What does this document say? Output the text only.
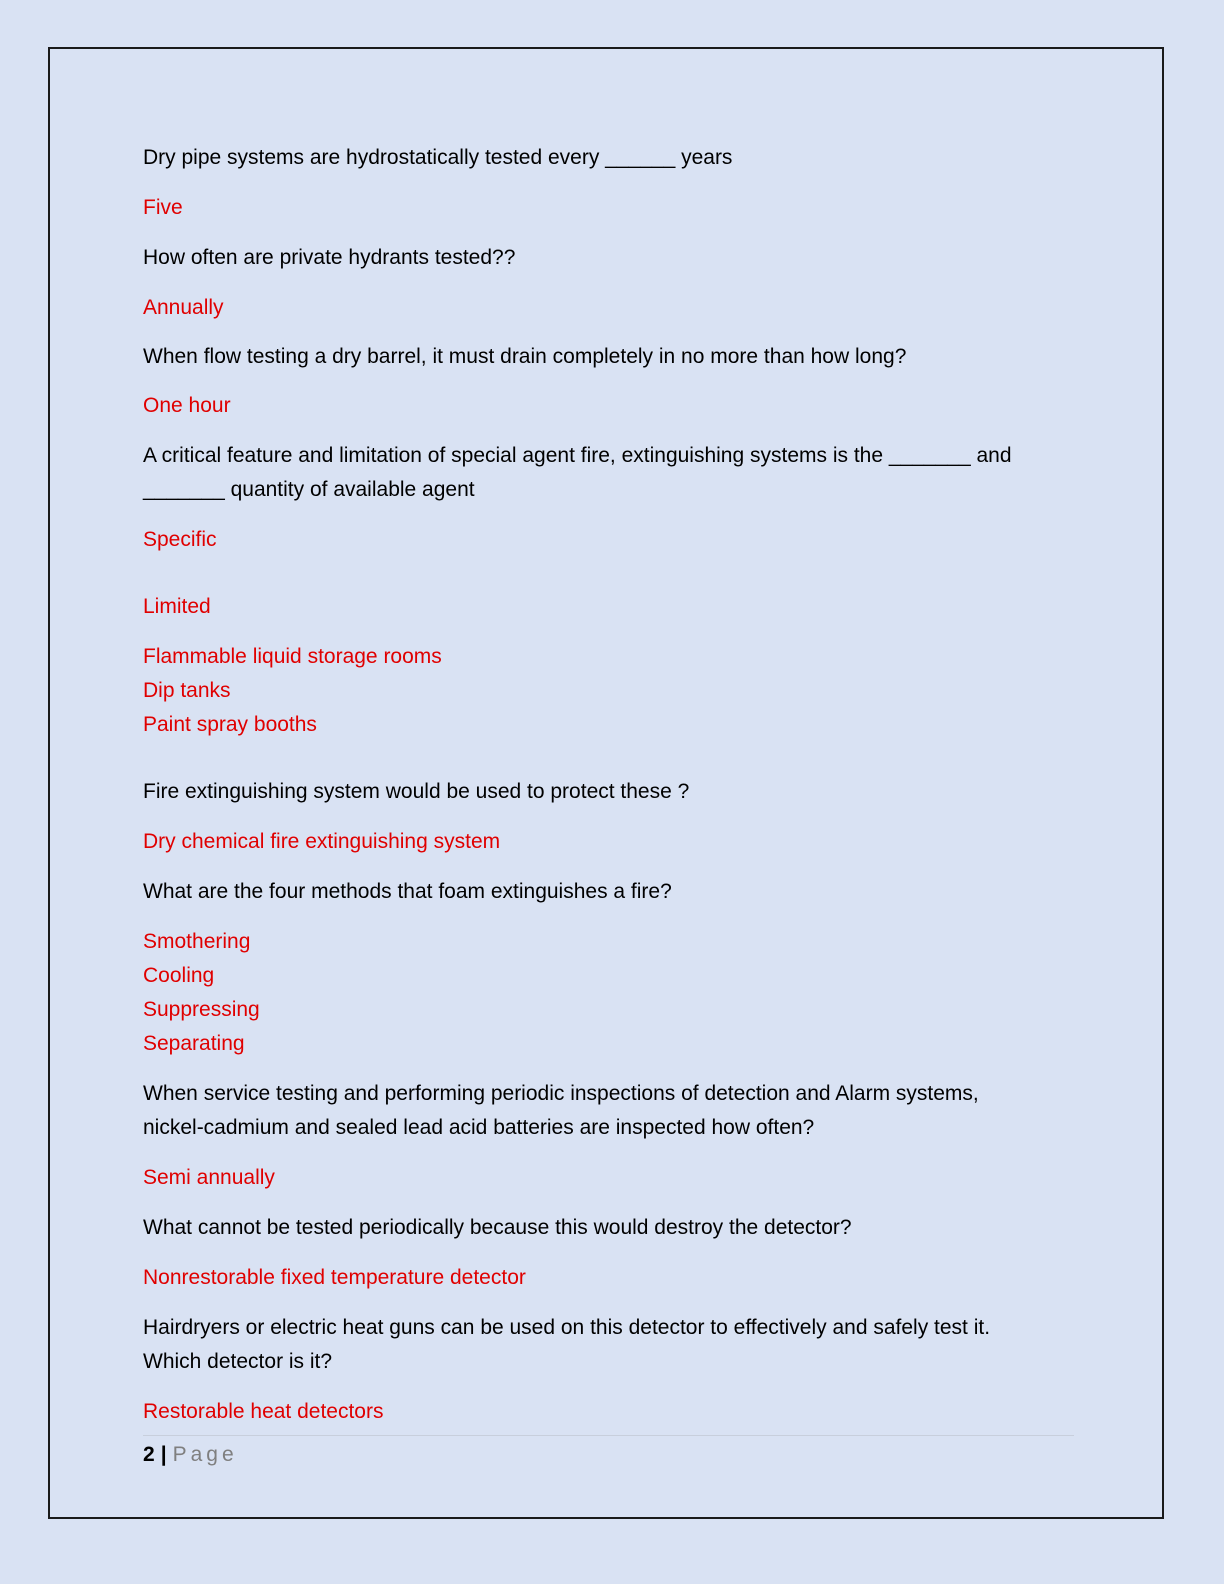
Dry pipe systems are hydrostatically tested every ______ years

Five

How often are private hydrants tested??

Annually

When flow testing a dry barrel, it must drain completely in no more than how long?

One hour

A critical feature and limitation of special agent fire, extinguishing systems is the _______ and

_______ quantity of available agent

Specific

Limited

Flammable liquid storage rooms

Dip tanks

Paint spray booths

Fire extinguishing system would be used to protect these ?

Dry chemical fire extinguishing system

What are the four methods that foam extinguishes a fire?

Smothering

Cooling

Suppressing

Separating

When service testing and performing periodic inspections of detection and Alarm systems,

nickel-cadmium and sealed lead acid batteries are inspected how often?

Semi annually

What cannot be tested periodically because this would destroy the detector?

Nonrestorable fixed temperature detector

Hairdryers or electric heat guns can be used on this detector to effectively and safely test it.

Which detector is it?

Restorable heat detectors

2 | Page
